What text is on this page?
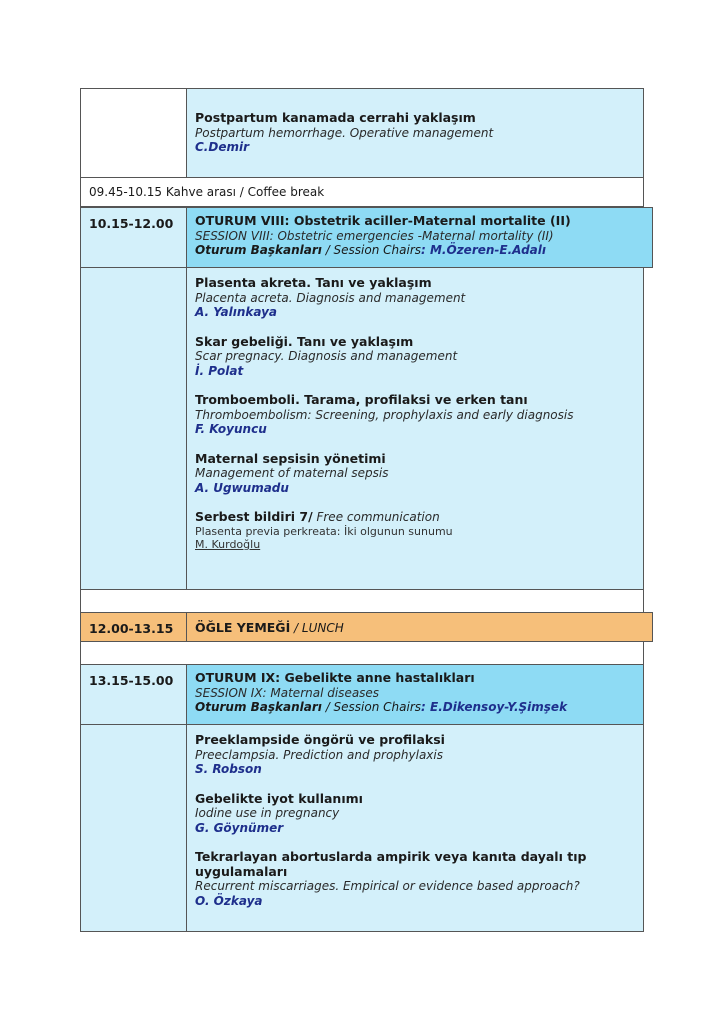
Postpartum kanamada cerrahi yaklaşım
Postpartum hemorrhage. Operative management
C.Demir
09.45-10.15 Kahve arası / Coffee break
10.15-12.00 OTURUM VIII: Obstetrik aciller-Maternal mortalite (II)
SESSION VIII: Obstetric emergencies -Maternal mortality (II)
Oturum Başkanları / Session Chairs: M.Özeren-E.Adalı
Plasenta akreta. Tanı ve yaklaşım
Placenta acreta. Diagnosis and management
A. Yalınkaya
Skar gebeliği. Tanı ve yaklaşım
Scar pregnacy. Diagnosis and management
İ. Polat
Tromboemboli. Tarama, profilaksi ve erken tanı
Thromboembolism: Screening, prophylaxis and early diagnosis
F. Koyuncu
Maternal sepsisin yönetimi
Management of maternal sepsis
A. Ugwumadu
Serbest bildiri 7/ Free communication
Plasenta previa perkreata: İki olgunun sunumu
M. Kurdoğlu
12.00-13.15 ÖĞLE YEMEĞİ / LUNCH
13.15-15.00 OTURUM IX: Gebelikte anne hastalıkları
SESSION IX: Maternal diseases
Oturum Başkanları / Session Chairs: E.Dikensoy-Y.Şimşek
Preeklampside öngörü ve profilaksi
Preeclampsia. Prediction and prophylaxis
S. Robson
Gebelikte iyot kullanımı
Iodine use in pregnancy
G. Göynümer
Tekrarlayan abortuslarda ampirik veya kanıta dayalı tıp uygulamaları
Recurrent miscarriages. Empirical or evidence based approach?
O. Özkaya
